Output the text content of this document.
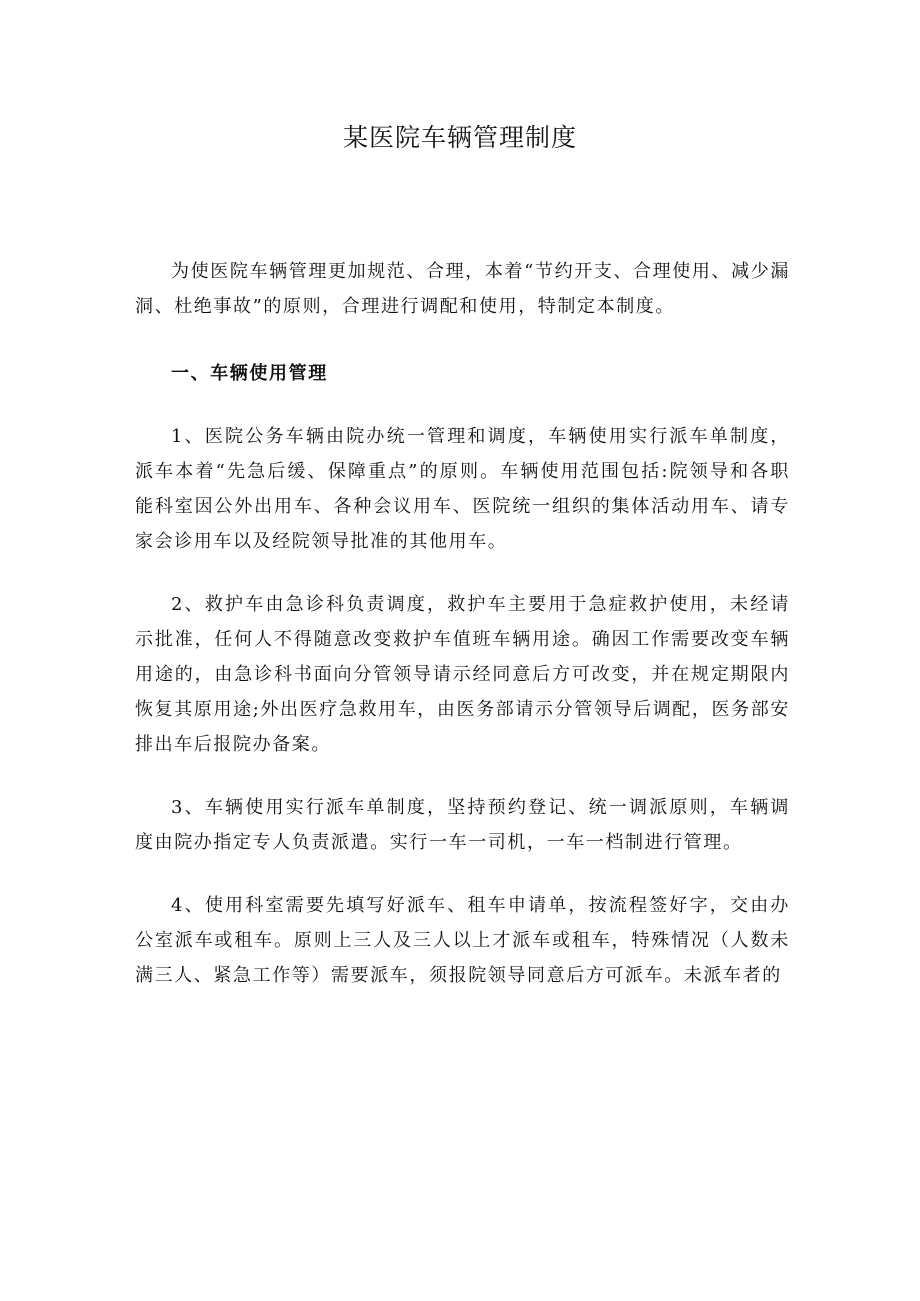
某医院车辆管理制度

为使医院车辆管理更加规范、合理，本着“节约开支、合理使用、减少漏洞、杜绝事故”的原则，合理进行调配和使用，特制定本制度。

一、车辆使用管理

1、医院公务车辆由院办统一管理和调度，车辆使用实行派车单制度，派车本着“先急后缓、保障重点”的原则。车辆使用范围包括:院领导和各职能科室因公外出用车、各种会议用车、医院统一组织的集体活动用车、请专家会诊用车以及经院领导批准的其他用车。

2、救护车由急诊科负责调度，救护车主要用于急症救护使用，未经请示批准，任何人不得随意改变救护车值班车辆用途。确因工作需要改变车辆用途的，由急诊科书面向分管领导请示经同意后方可改变，并在规定期限内恢复其原用途;外出医疗急救用车，由医务部请示分管领导后调配，医务部安排出车后报院办备案。

3、车辆使用实行派车单制度，坚持预约登记、统一调派原则，车辆调度由院办指定专人负责派遣。实行一车一司机，一车一档制进行管理。

4、使用科室需要先填写好派车、租车申请单，按流程签好字，交由办公室派车或租车。原则上三人及三人以上才派车或租车，特殊情况（人数未满三人、紧急工作等）需要派车，须报院领导同意后方可派车。未派车者的
